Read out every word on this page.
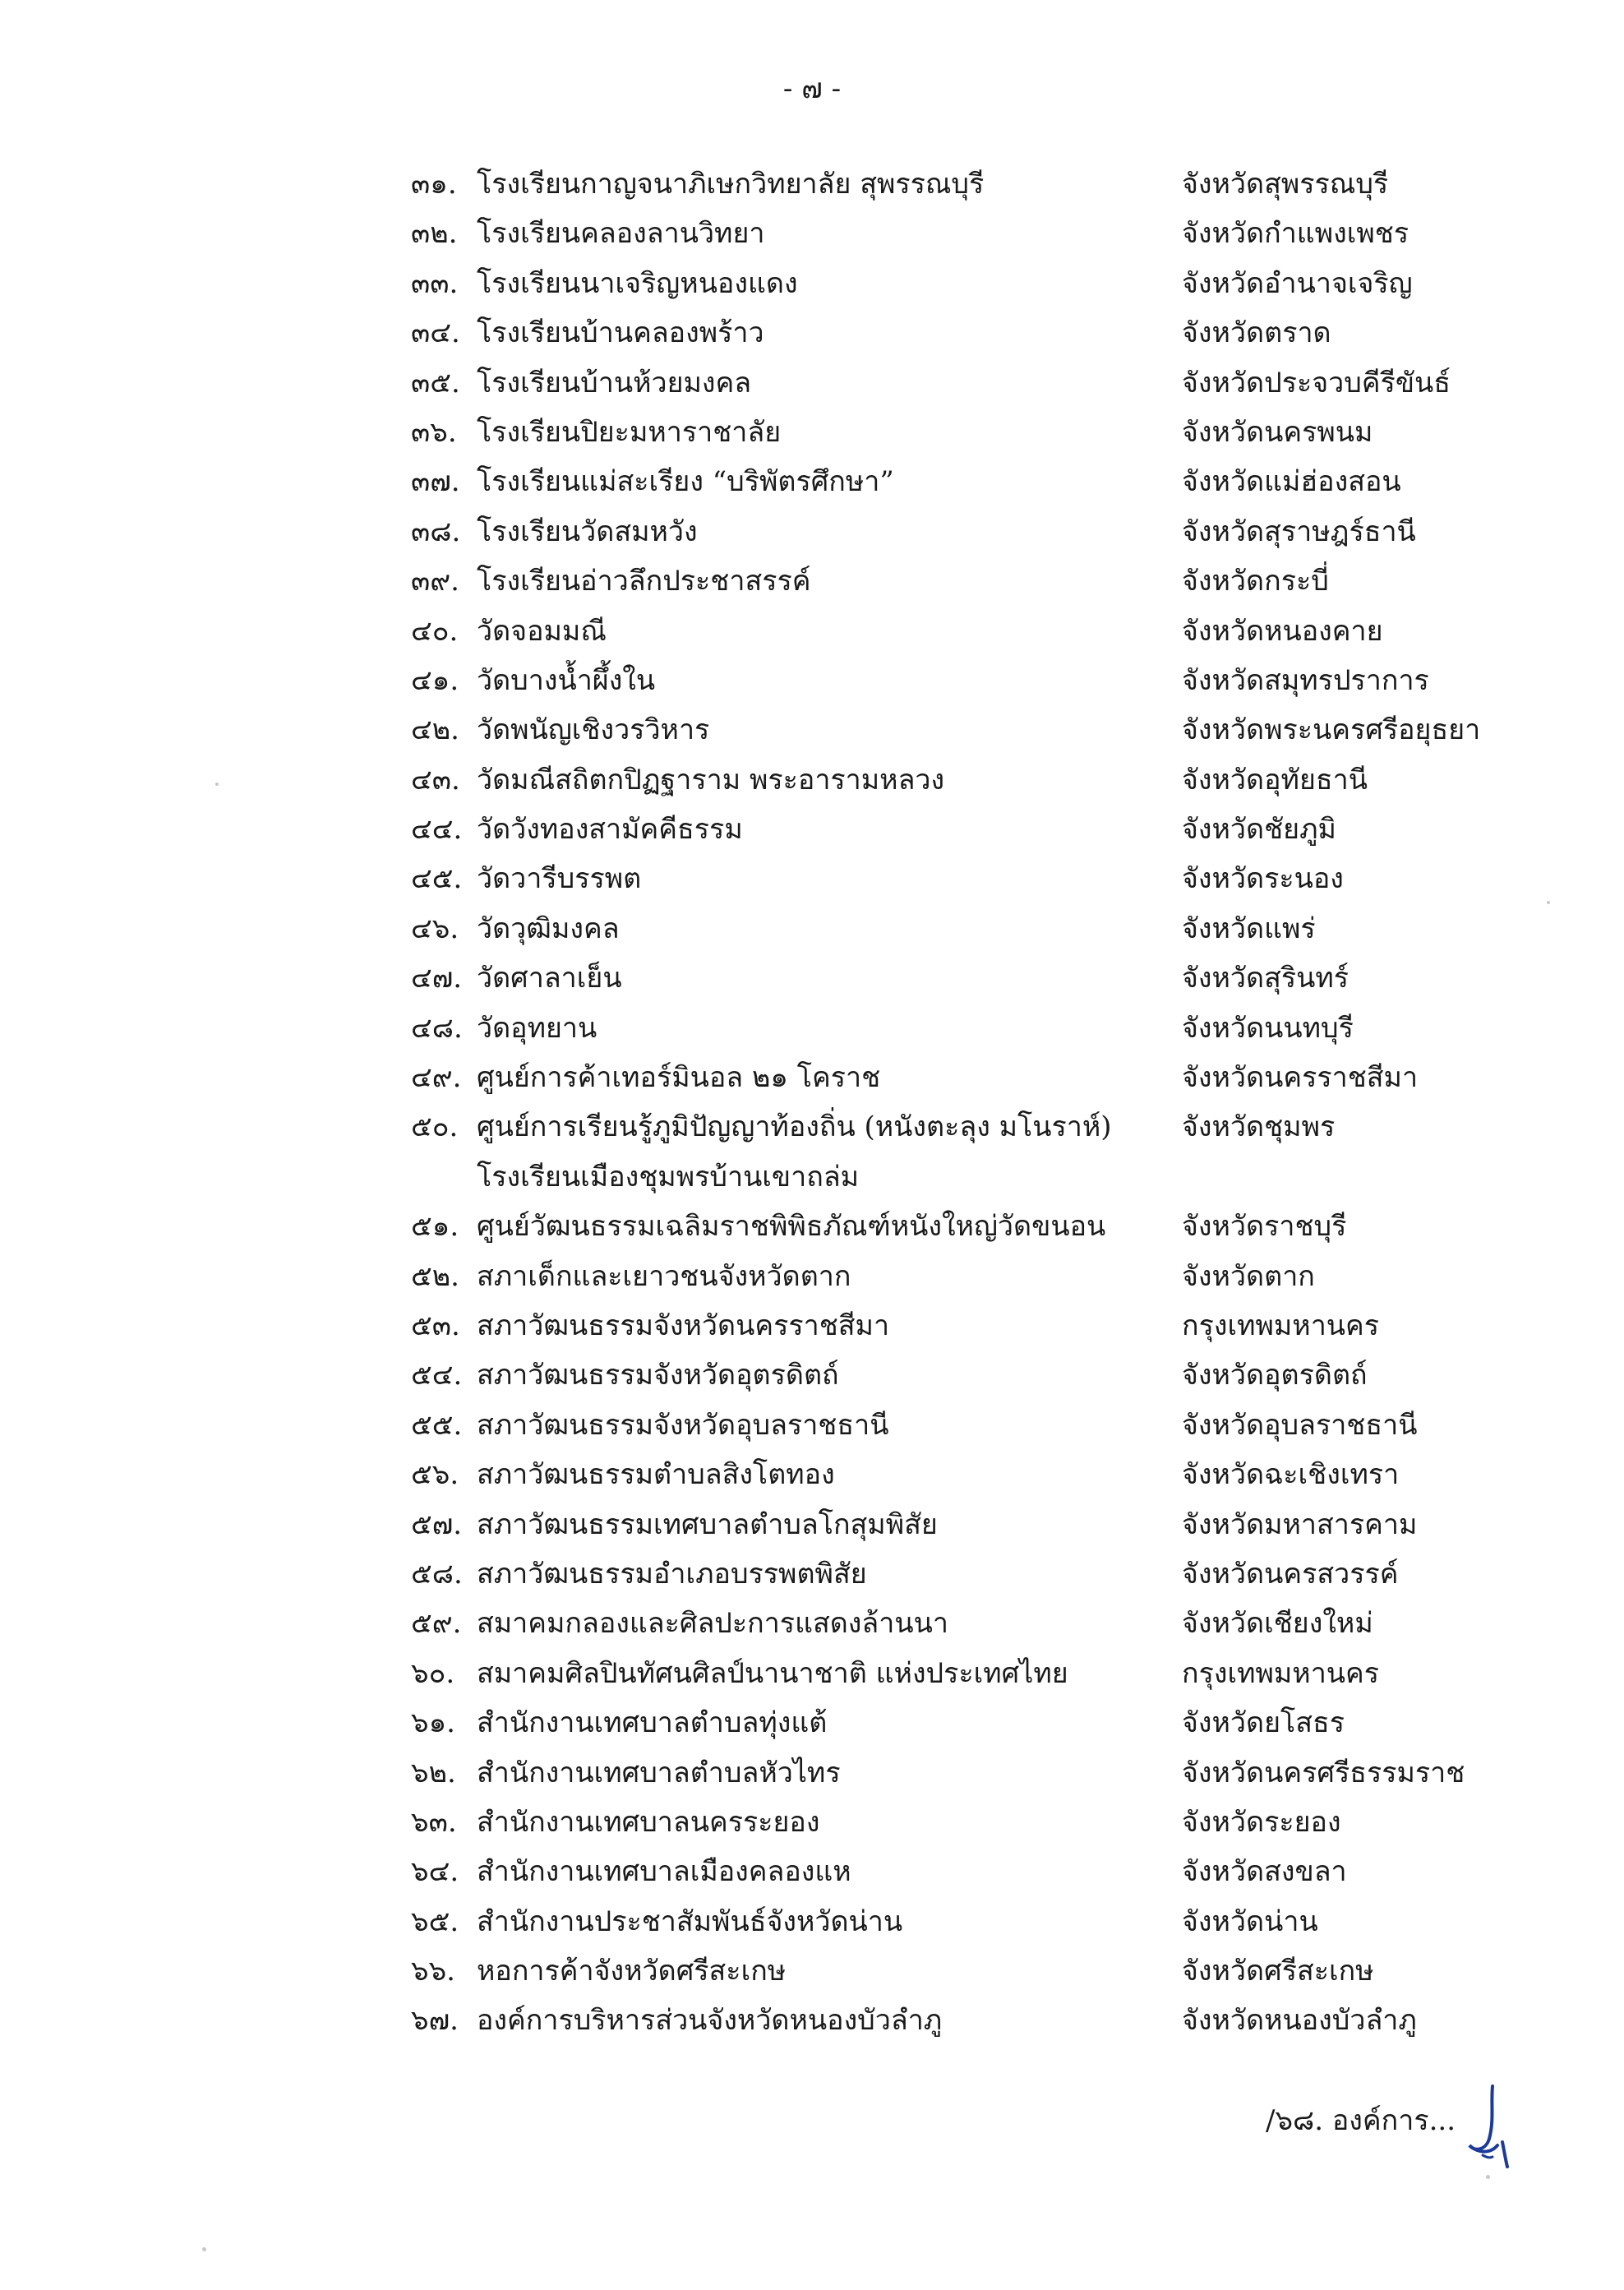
- ๗ -
๓๑. โรงเรียนกาญจนาภิเษกวิทยาลัย สุพรรณบุรี	จังหวัดสุพรรณบุรี
๓๒. โรงเรียนคลองลานวิทยา	จังหวัดกำแพงเพชร
๓๓. โรงเรียนนาเจริญหนองแดง	จังหวัดอำนาจเจริญ
๓๔. โรงเรียนบ้านคลองพร้าว	จังหวัดตราด
๓๕. โรงเรียนบ้านห้วยมงคล	จังหวัดประจวบคีรีขันธ์
๓๖. โรงเรียนปิยะมหาราชาลัย	จังหวัดนครพนม
๓๗. โรงเรียนแม่สะเรียง “บริพัตรศึกษา”	จังหวัดแม่ฮ่องสอน
๓๘. โรงเรียนวัดสมหวัง	จังหวัดสุราษฎร์ธานี
๓๙. โรงเรียนอ่าวลึกประชาสรรค์	จังหวัดกระบี่
๔๐. วัดจอมมณี	จังหวัดหนองคาย
๔๑. วัดบางน้ำผึ้งใน	จังหวัดสมุทรปราการ
๔๒. วัดพนัญเชิงวรวิหาร	จังหวัดพระนครศรีอยุธยา
๔๓. วัดมณีสถิตกปิฏฐาราม พระอารามหลวง	จังหวัดอุทัยธานี
๔๔. วัดวังทองสามัคคีธรรม	จังหวัดชัยภูมิ
๔๕. วัดวารีบรรพต	จังหวัดระนอง
๔๖. วัดวุฒิมงคล	จังหวัดแพร่
๔๗. วัดศาลาเย็น	จังหวัดสุรินทร์
๔๘. วัดอุทยาน	จังหวัดนนทบุรี
๔๙. ศูนย์การค้าเทอร์มินอล ๒๑ โคราช	จังหวัดนครราชสีมา
๕๐. ศูนย์การเรียนรู้ภูมิปัญญาท้องถิ่น (หนังตะลุง มโนราห์)	จังหวัดชุมพร
โรงเรียนเมืองชุมพรบ้านเขาถล่ม
๕๑. ศูนย์วัฒนธรรมเฉลิมราชพิพิธภัณฑ์หนังใหญ่วัดขนอน	จังหวัดราชบุรี
๕๒. สภาเด็กและเยาวชนจังหวัดตาก	จังหวัดตาก
๕๓. สภาวัฒนธรรมจังหวัดนครราชสีมา	กรุงเทพมหานคร
๕๔. สภาวัฒนธรรมจังหวัดอุตรดิตถ์	จังหวัดอุตรดิตถ์
๕๕. สภาวัฒนธรรมจังหวัดอุบลราชธานี	จังหวัดอุบลราชธานี
๕๖. สภาวัฒนธรรมตำบลสิงโตทอง	จังหวัดฉะเชิงเทรา
๕๗. สภาวัฒนธรรมเทศบาลตำบลโกสุมพิสัย	จังหวัดมหาสารคาม
๕๘. สภาวัฒนธรรมอำเภอบรรพตพิสัย	จังหวัดนครสวรรค์
๕๙. สมาคมกลองและศิลปะการแสดงล้านนา	จังหวัดเชียงใหม่
๖๐. สมาคมศิลปินทัศนศิลป์นานาชาติ แห่งประเทศไทย	กรุงเทพมหานคร
๖๑. สำนักงานเทศบาลตำบลทุ่งแต้	จังหวัดยโสธร
๖๒. สำนักงานเทศบาลตำบลหัวไทร	จังหวัดนครศรีธรรมราช
๖๓. สำนักงานเทศบาลนครระยอง	จังหวัดระยอง
๖๔. สำนักงานเทศบาลเมืองคลองแห	จังหวัดสงขลา
๖๕. สำนักงานประชาสัมพันธ์จังหวัดน่าน	จังหวัดน่าน
๖๖. หอการค้าจังหวัดศรีสะเกษ	จังหวัดศรีสะเกษ
๖๗. องค์การบริหารส่วนจังหวัดหนองบัวลำภู	จังหวัดหนองบัวลำภู
/๖๘. องค์การ...
